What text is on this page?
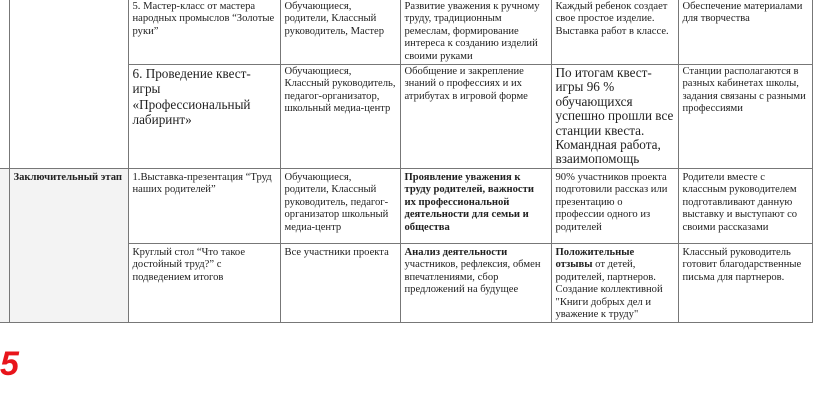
		5. Мастер-класс от мастера народных промыслов “Золотые руки”	Обучающиеся, родители, Классный руководитель, Мастер	Развитие уважения к ручному труду, традиционным ремеслам, формирование интереса к созданию изделий своими руками	Каждый ребенок создает свое простое изделие. Выставка работ в классе.	Обеспечение материалами для творчества
		6. Проведение квест-игры «Профессиональный лабиринт»	Обучающиеся, Классный руководитель, педагог-организатор, школьный медиа-центр	Обобщение и закрепление знаний о профессиях и их атрибутах в игровой форме	По итогам квест-игры 96 % обучающихся успешно прошли все станции квеста. Командная работа, взаимопомощь	Станции располагаются в разных кабинетах школы, задания связаны с разными профессиями
	Заключительный этап	1.Выставка-презентация “Труд наших родителей”	Обучающиеся, родители, Классный руководитель, педагог-организатор школьный медиа-центр	Проявление уважения к труду родителей, важности их профессиональной деятельности для семьи и общества	90% участников проекта подготовили рассказ или презентацию о профессии одного из родителей	Родители вместе с классным руководителем подготавливают данную выставку и выступают со своими рассказами
		Круглый стол “Что такое достойный труд?” с подведением итогов	Все участники проекта	Анализ деятельности участников, рефлексия, обмен впечатлениями, сбор предложений на будущее	Положительные отзывы от детей, родителей, партнеров. Создание коллективной "Книги добрых дел и уважение к труду"	Классный руководитель готовит благодарственные письма для партнеров.
5
